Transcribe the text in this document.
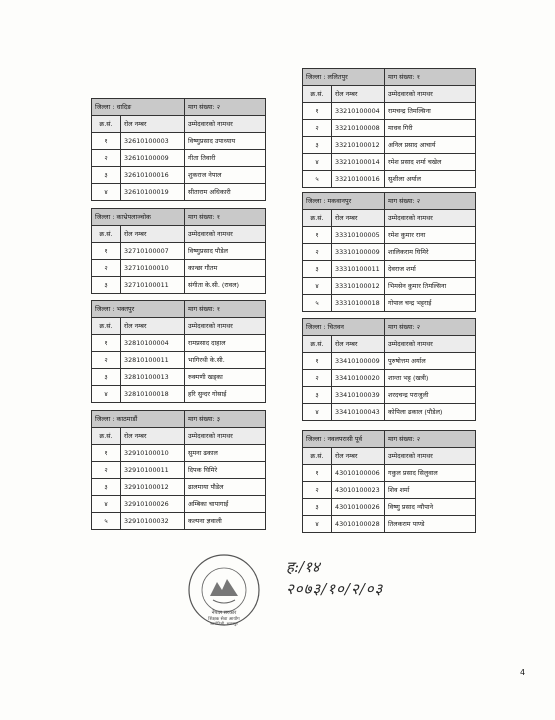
जिल्ला : धादिङ		माग संख्या: २
क्र.सं.	रोल नम्बर	उम्मेदवारको नामथर
१	32610100003	विष्णुप्रसाद उपाध्याय
२	32610100009	गीता तिवारी
३	32610100016	शुकराज नेपाल
४	32610100019	सीताराम अधिकारी
जिल्ला : काभ्रेपलाञ्चोक		माग संख्या: १
क्र.सं.	रोल नम्बर	उम्मेदवारको नामथर
१	32710100007	विष्णुप्रसाद पौडेल
२	32710100010	कान्छा गौतम
३	32710100011	संगीता के.सी. (रावल)
जिल्ला : भक्तपुर		माग संख्या: १
क्र.सं.	रोल नम्बर	उम्मेदवारको नामथर
१	32810100004	रामप्रसाद दाहाल
२	32810100011	भागिरथी के.सी.
३	32810100013	रुक्मणी खड्का
४	32810100018	हरि सुन्दर गोसाई
जिल्ला : काठमाडौं		माग संख्या: ३
क्र.सं.	रोल नम्बर	उम्मेदवारको नामथर
१	32910100010	सुमना ढकाल
२	32910100011	दिपक घिमिरे
३	32910100012	ढालमाया पौडेल
४	32910100026	अम्बिका चापागाईं
५	32910100032	कल्पना ज्ञवाली
जिल्ला : ललितपुर		माग संख्या: १
क्र.सं.	रोल नम्बर	उम्मेदवारको नामथर
१	33210100004	रामचन्द्र तिमल्सिना
२	33210100008	माधव गिरी
३	33210100012	अनिल प्रसाद आचार्य
४	33210100014	रमेश प्रसाद शर्मा चखेल
५	33210100016	सुशीला अर्याल
जिल्ला : मकवानपुर		माग संख्या: २
क्र.सं.	रोल नम्बर	उम्मेदवारको नामथर
१	33310100005	रमेश कुमार राना
२	33310100009	शालिकराम घिमिरे
३	33310100011	देवराज शर्मा
४	33310100012	भिमसेन कुमार तिमल्सिना
५	33310100018	गोपाल चन्द्र भट्टराई
जिल्ला : चितवन		माग संख्या: २
क्र.सं.	रोल नम्बर	उम्मेदवारको नामथर
१	33410100009	पुरुषोत्तम अर्याल
२	33410100020	शान्ता भट्ट (खत्री)
३	33410100039	शरदचन्द्र पराजुली
४	33410100043	कोपिला ढकाल (पौडेल)
जिल्ला : नवलपरासी पूर्व		माग संख्या: २
क्र.सं.	रोल नम्बर	उम्मेदवारको नामथर
१	43010100006	गकुल प्रसाद सिलुवाल
२	43010100023	शिव शर्मा
३	43010100026	विष्णु प्रसाद न्यौपाने
४	43010100028	तिलकराम पाण्डे
नेपाल सरकार
शिक्षक सेवा आयोग
सानोठिमी, भक्तपुर
ह:/१४
२०७३/१०/२/०३
4
